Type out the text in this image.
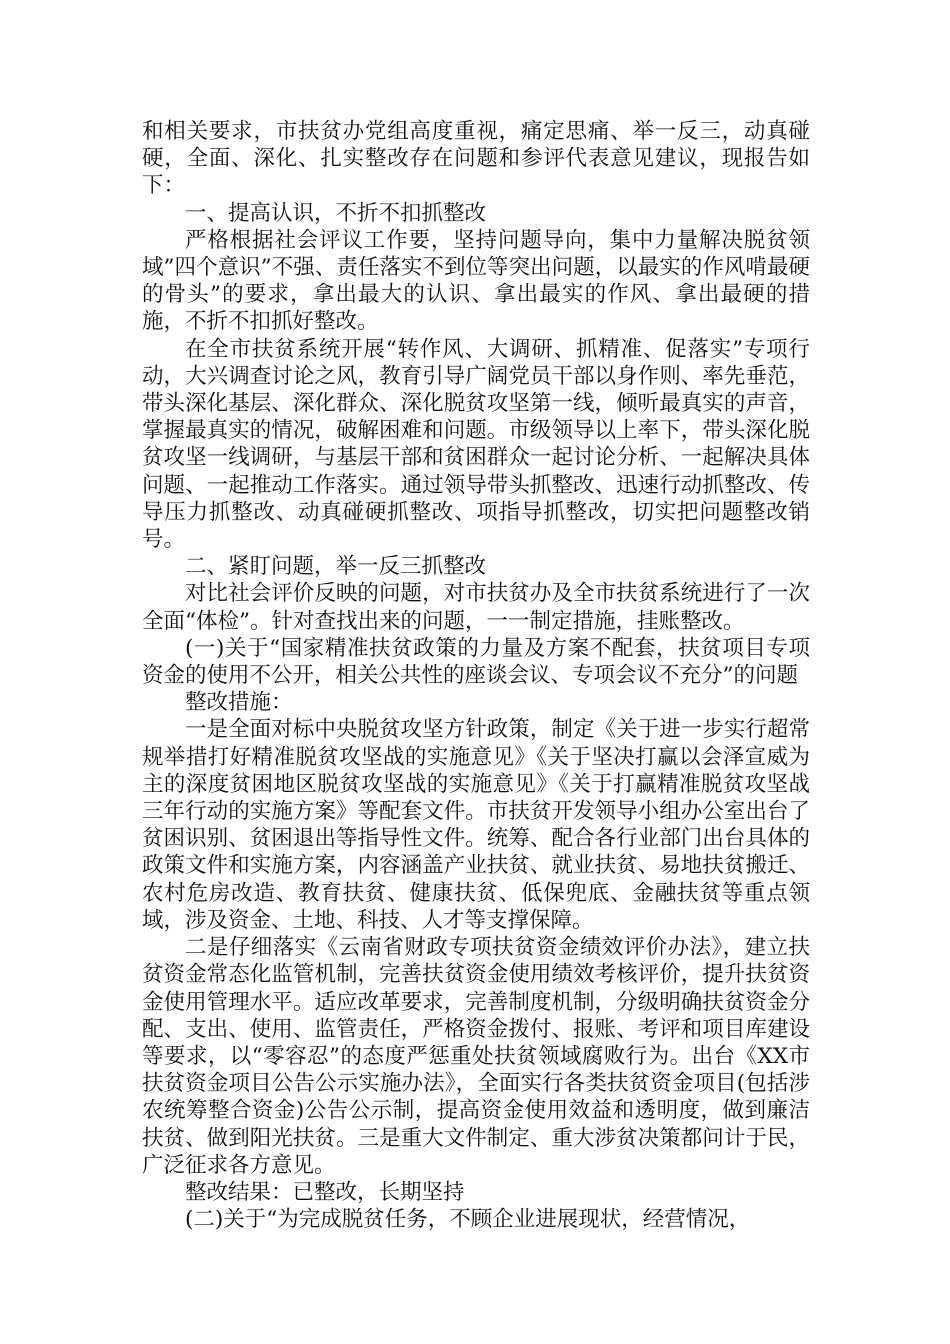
和相关要求，市扶贫办党组高度重视，痛定思痛、举一反三，动真碰硬，全面、深化、扎实整改存在问题和参评代表意见建议，现报告如下：

一、提高认识，不折不扣抓整改

严格根据社会评议工作要，坚持问题导向，集中力量解决脱贫领域”四个意识”不强、责任落实不到位等突出问题，以最实的作风啃最硬的骨头”的要求，拿出最大的认识、拿出最实的作风、拿出最硬的措施，不折不扣抓好整改。

在全市扶贫系统开展“转作风、大调研、抓精准、促落实”专项行动，大兴调查讨论之风，教育引导广阔党员干部以身作则、率先垂范，带头深化基层、深化群众、深化脱贫攻坚第一线，倾听最真实的声音，掌握最真实的情况，破解困难和问题。市级领导以上率下，带头深化脱贫攻坚一线调研，与基层干部和贫困群众一起讨论分析、一起解决具体问题、一起推动工作落实。通过领导带头抓整改、迅速行动抓整改、传导压力抓整改、动真碰硬抓整改、项指导抓整改，切实把问题整改销号。

二、紧盯问题，举一反三抓整改

对比社会评价反映的问题，对市扶贫办及全市扶贫系统进行了一次全面“体检”。针对查找出来的问题，一一制定措施，挂账整改。

(一)关于“国家精准扶贫政策的力量及方案不配套，扶贫项目专项资金的使用不公开，相关公共性的座谈会议、专项会议不充分”的问题

整改措施：

一是全面对标中央脱贫攻坚方针政策，制定《关于进一步实行超常规举措打好精准脱贫攻坚战的实施意见》《关于坚决打赢以会泽宣威为主的深度贫困地区脱贫攻坚战的实施意见》《关于打赢精准脱贫攻坚战三年行动的实施方案》等配套文件。市扶贫开发领导小组办公室出台了贫困识别、贫困退出等指导性文件。统筹、配合各行业部门出台具体的政策文件和实施方案，内容涵盖产业扶贫、就业扶贫、易地扶贫搬迁、农村危房改造、教育扶贫、健康扶贫、低保兜底、金融扶贫等重点领域，涉及资金、土地、科技、人才等支撑保障。

二是仔细落实《云南省财政专项扶贫资金绩效评价办法》，建立扶贫资金常态化监管机制，完善扶贫资金使用绩效考核评价，提升扶贫资金使用管理水平。适应改革要求，完善制度机制，分级明确扶贫资金分配、支出、使用、监管责任，严格资金拨付、报账、考评和项目库建设等要求，以“零容忍”的态度严惩重处扶贫领域腐败行为。出台《XX市扶贫资金项目公告公示实施办法》，全面实行各类扶贫资金项目(包括涉农统筹整合资金)公告公示制，提高资金使用效益和透明度，做到廉洁扶贫、做到阳光扶贫。三是重大文件制定、重大涉贫决策都问计于民，广泛征求各方意见。

整改结果：已整改，长期坚持

(二)关于“为完成脱贫任务，不顾企业进展现状，经营情况，
